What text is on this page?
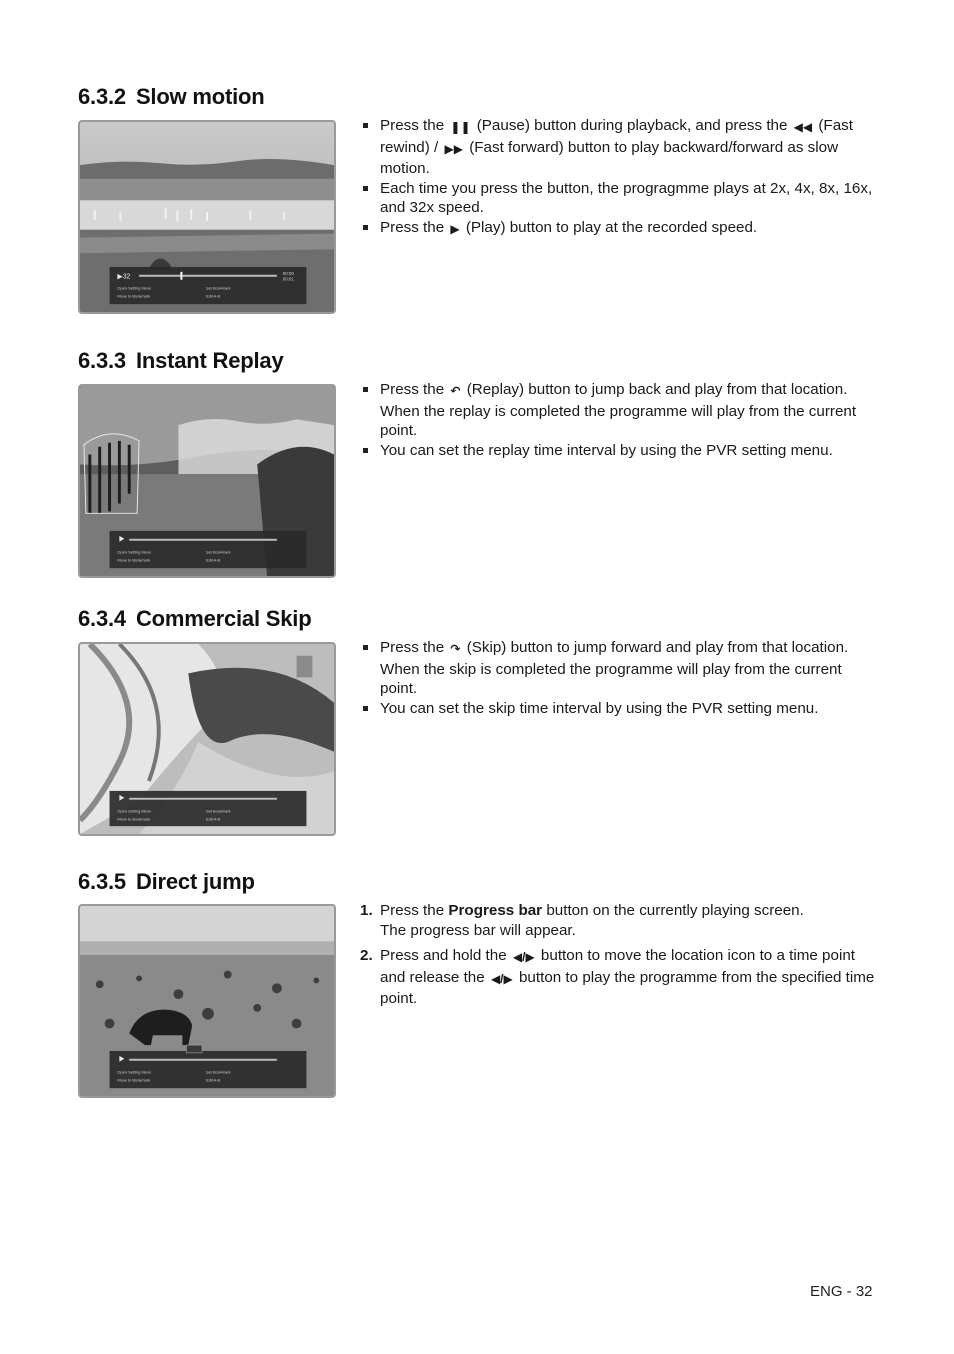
6.3.2 Slow motion
▶32
00:00
00:01
Open Setting Menu
Move to Bookmark
Set Bookmark
Edit A-B
Press the ❚❚ (Pause) button during playback, and press the ◀◀ (Fast rewind) / ▶▶ (Fast forward) button to play backward/forward as slow motion.
Each time you press the button, the progragmme plays at 2x, 4x, 8x, 16x, and 32x speed.
Press the ▶ (Play) button to play at the recorded speed.
6.3.3 Instant Replay
Open Setting Menu
Move to Bookmark
Set Bookmark
Edit A-B
Press the ↶ (Replay) button to jump back and play from that location. When the replay is completed the programme will play from the current point.
You can set the replay time interval by using the PVR setting menu.
6.3.4 Commercial Skip
Open Setting Menu
Move to Bookmark
Set Bookmark
Edit A-B
Press the ↷ (Skip) button to jump forward and play from that location. When the skip is completed the programme will play from the current point.
You can set the skip time interval by using the PVR setting menu.
6.3.5 Direct jump
Open Setting Menu
Move to Bookmark
Set Bookmark
Edit A-B
1. Press the Progress bar button on the currently playing screen.
The progress bar will appear.
2. Press and hold the ◀/▶ button to move the location icon to a time point and release the ◀/▶ button to play the programme from the specified time point.
ENG - 32
